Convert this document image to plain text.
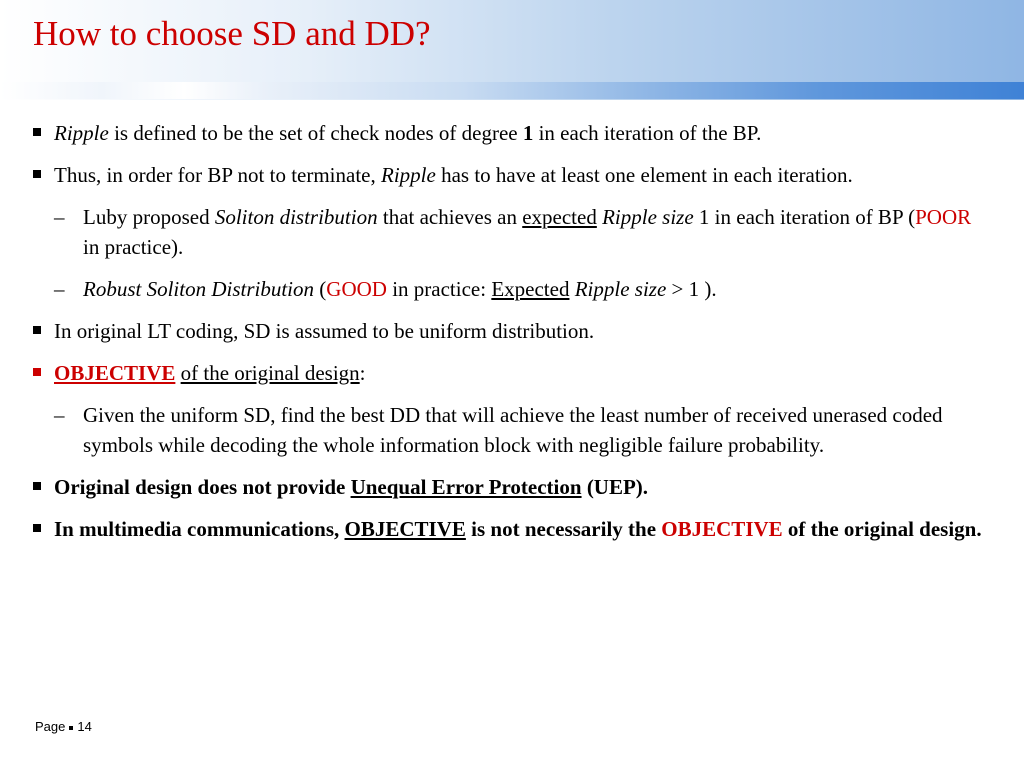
How to choose SD and DD?
Ripple is defined to be the set of check nodes of degree 1 in each iteration of the BP.
Thus, in order for BP not to terminate, Ripple has to have at least one element in each iteration.
– Luby proposed Soliton distribution that achieves an expected Ripple size 1 in each iteration of BP (POOR in practice).
– Robust Soliton Distribution (GOOD in practice: Expected Ripple size > 1 ).
In original LT coding, SD is assumed to be uniform distribution.
OBJECTIVE of the original design:
– Given the uniform SD, find the best DD that will achieve the least number of received unerased coded symbols while decoding the whole information block with negligible failure probability.
Original design does not provide Unequal Error Protection (UEP).
In multimedia communications, OBJECTIVE is not necessarily the OBJECTIVE of the original design.
Page 14
